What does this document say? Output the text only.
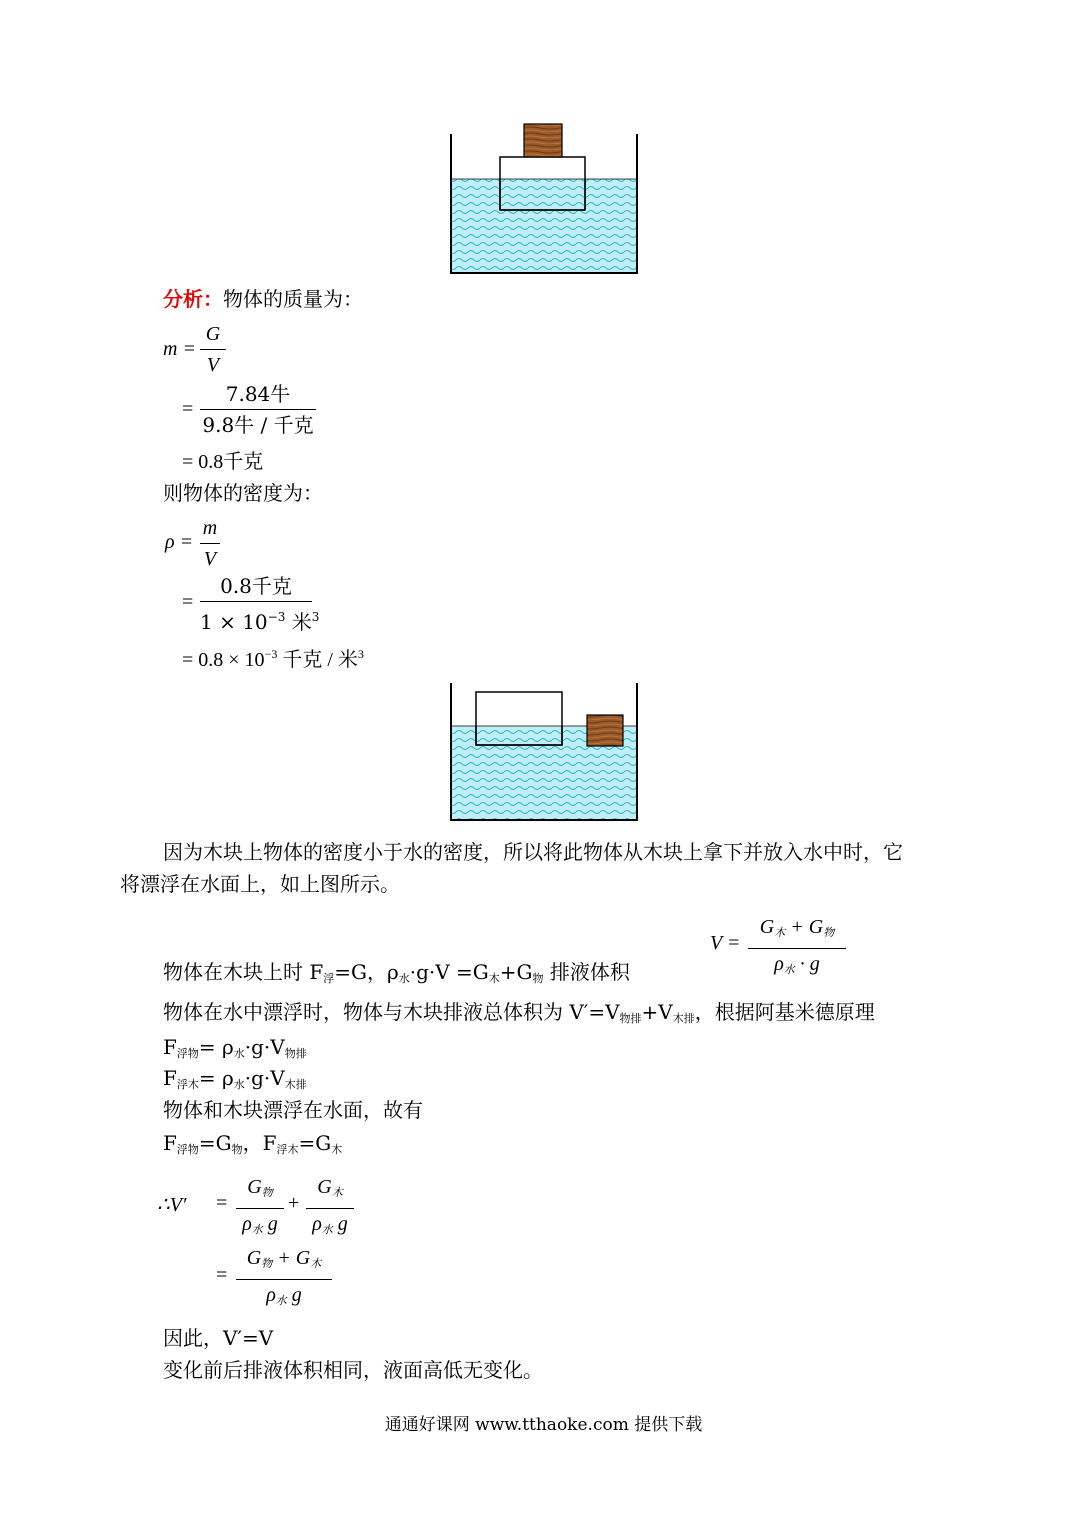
分析：物体的质量为：
m =
G
V
=
7.84牛
9.8牛 / 千克
= 0.8千克
则物体的密度为：
ρ =
m
V
=
0.8千克
$1 \times 10^{-3}$ 米$^3$
= $0.8 \times 10^{-3}$ 千克 / 米$^3$
因为木块上物体的密度小于水的密度，所以将此物体从木块上拿下并放入水中时，它
将漂浮在水面上，如上图所示。
V =
$G_木 + G_物$
$\rho_水 \cdot g$
物体在木块上时 $F_浮=G$，$\rho_水\cdot g\cdot V =G_木+G_物$ 排液体积
物体在水中漂浮时，物体与木块排液总体积为 $V'=V_{物排}+V_{木排}$，根据阿基米德原理
$F_{浮物}= \rho_水\cdot g\cdot V_{物排}$
$F_{浮木}= \rho_水\cdot g\cdot V_{木排}$
物体和木块漂浮在水面，故有
$F_{浮物}=G_物$，$F_{浮木}=G_木$
∴V′ =
$G_物$
$\rho_水$ g
+
$G_木$
$\rho_水$ g
=
$G_物 + G_木$
$\rho_水$ g
因此，V′=V
变化前后排液体积相同，液面高低无变化。
通通好课网 www.tthaoke.com 提供下载
